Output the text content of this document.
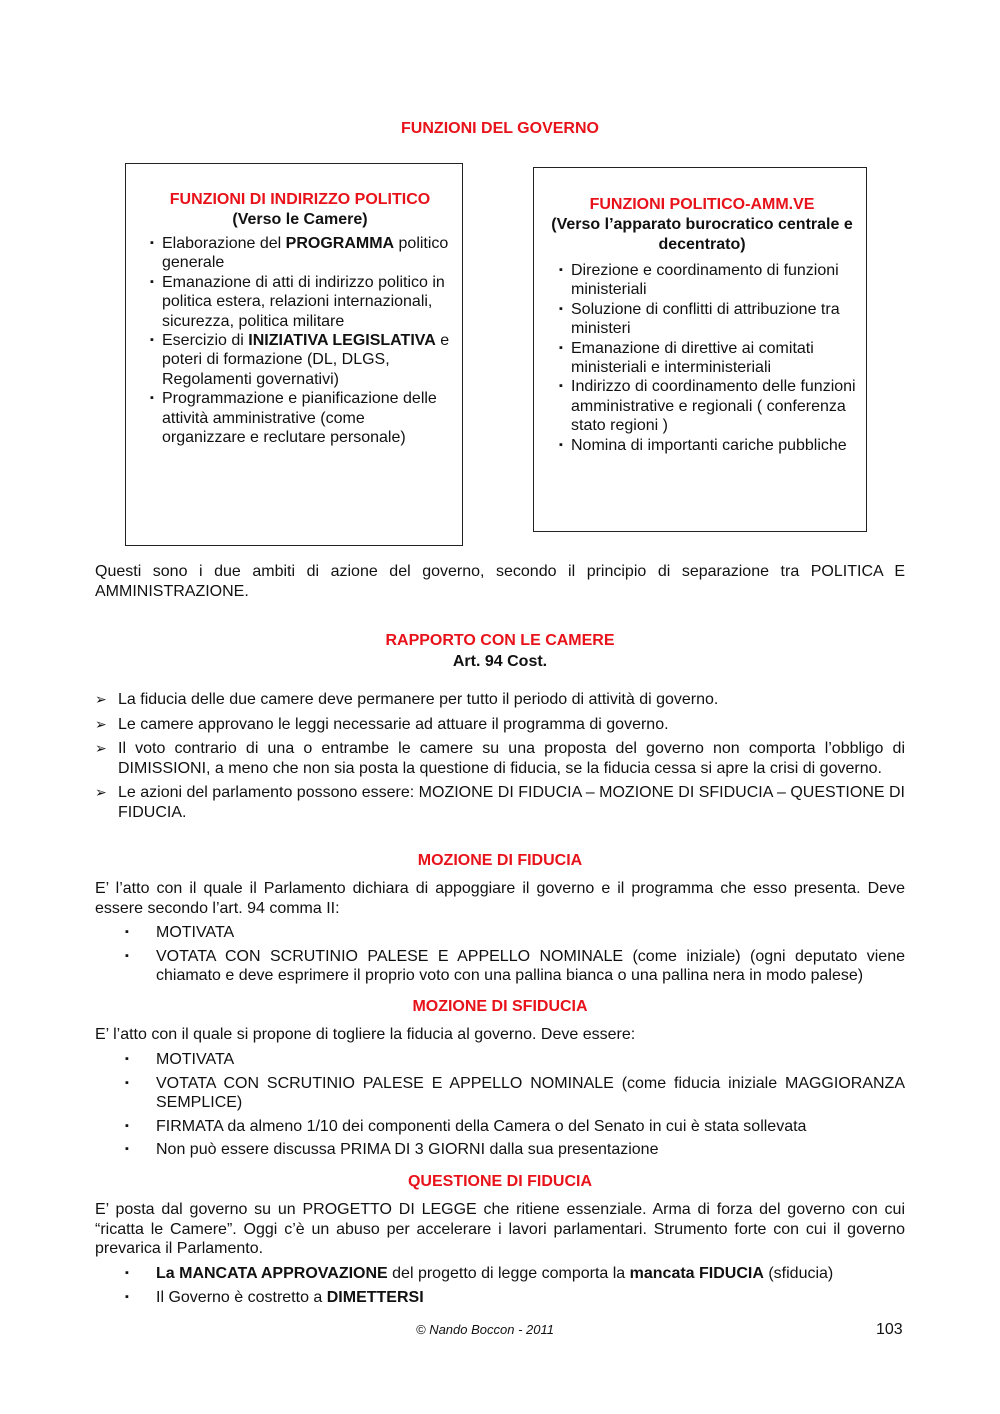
FUNZIONI DEL GOVERNO
FUNZIONI DI INDIRIZZO POLITICO
(Verso le Camere)
▪ Elaborazione del PROGRAMMA politico generale
▪ Emanazione di atti di indirizzo politico in politica estera, relazioni internazionali, sicurezza, politica militare
▪ Esercizio di INIZIATIVA LEGISLATIVA e poteri di formazione (DL, DLGS, Regolamenti governativi)
▪ Programmazione e pianificazione delle attività amministrative (come organizzare e reclutare personale)
FUNZIONI POLITICO-AMM.VE
(Verso l’apparato burocratico centrale e decentrato)
▪ Direzione e coordinamento di funzioni ministeriali
▪ Soluzione di conflitti di attribuzione tra ministeri
▪ Emanazione di direttive ai comitati ministeriali e interministeriali
▪ Indirizzo di coordinamento delle funzioni amministrative e regionali ( conferenza stato regioni )
▪ Nomina di importanti cariche pubbliche
Questi sono i due ambiti di azione del governo, secondo il principio di separazione tra POLITICA E AMMINISTRAZIONE.
RAPPORTO CON LE CAMERE
Art. 94 Cost.
➢ La fiducia delle due camere deve permanere per tutto il periodo di attività di governo.
➢ Le camere approvano le leggi necessarie ad attuare il programma di governo.
➢ Il voto contrario di una o entrambe le camere su una proposta del governo non comporta l’obbligo di DIMISSIONI, a meno che non sia posta la questione di fiducia, se la fiducia cessa si apre la crisi di governo.
➢ Le azioni del parlamento possono essere: MOZIONE DI FIDUCIA – MOZIONE DI SFIDUCIA – QUESTIONE DI FIDUCIA.
MOZIONE DI FIDUCIA
E’ l’atto con il quale il Parlamento dichiara di appoggiare il governo e il programma che esso presenta. Deve essere secondo l’art. 94 comma II:
▪ MOTIVATA
▪ VOTATA CON SCRUTINIO PALESE E APPELLO NOMINALE (come iniziale) (ogni deputato viene chiamato e deve esprimere il proprio voto con una pallina bianca o una pallina nera in modo palese)
MOZIONE DI SFIDUCIA
E’ l’atto con il quale si propone di togliere la fiducia al governo. Deve essere:
▪ MOTIVATA
▪ VOTATA CON SCRUTINIO PALESE E APPELLO NOMINALE (come fiducia iniziale MAGGIORANZA SEMPLICE)
▪ FIRMATA da almeno 1/10 dei componenti della Camera o del Senato in cui è stata sollevata
▪ Non può essere discussa PRIMA DI 3 GIORNI dalla sua presentazione
QUESTIONE DI FIDUCIA
E’ posta dal governo su un PROGETTO DI LEGGE che ritiene essenziale. Arma di forza del governo con cui “ricatta le Camere”. Oggi c’è un abuso per accelerare i lavori parlamentari. Strumento forte con cui il governo prevarica il Parlamento.
▪ La MANCATA APPROVAZIONE del progetto di legge comporta la mancata FIDUCIA (sfiducia)
▪ Il Governo è costretto a DIMETTERSI
© Nando Boccon - 2011	103
